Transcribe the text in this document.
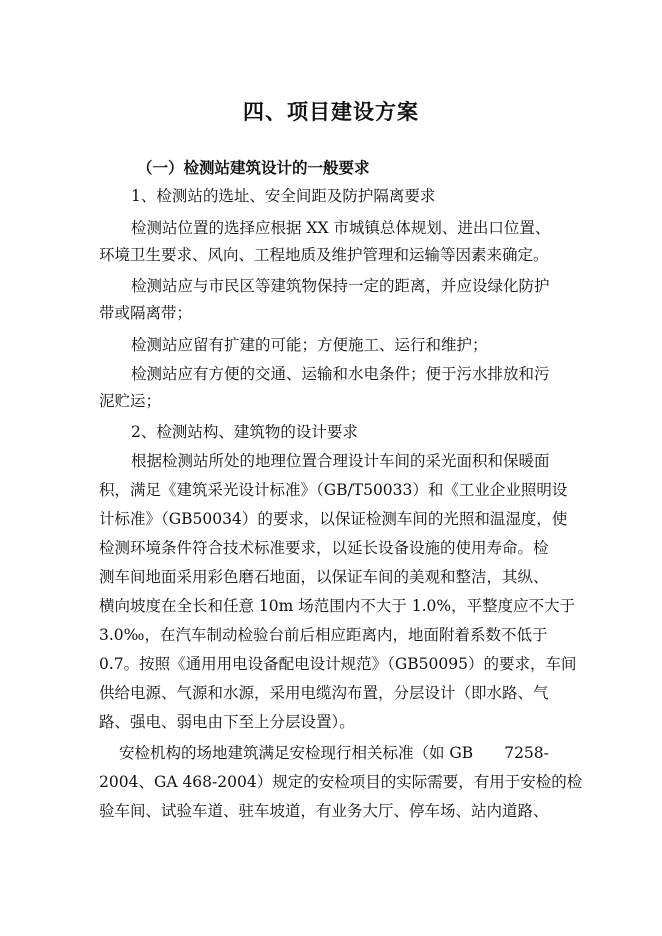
四、项目建设方案
（一）检测站建筑设计的一般要求
1、检测站的选址、安全间距及防护隔离要求
检测站位置的选择应根据 XX 市城镇总体规划、进出口位置、
环境卫生要求、风向、工程地质及维护管理和运输等因素来确定。
检测站应与市民区等建筑物保持一定的距离，并应设绿化防护
带或隔离带；
检测站应留有扩建的可能；方便施工、运行和维护；
检测站应有方便的交通、运输和水电条件；便于污水排放和污
泥贮运；
2、检测站构、建筑物的设计要求
根据检测站所处的地理位置合理设计车间的采光面积和保暖面
积，满足《建筑采光设计标准》（GB/T50033）和《工业企业照明设
计标准》（GB50034）的要求，以保证检测车间的光照和温湿度，使
检测环境条件符合技术标准要求，以延长设备设施的使用寿命。检
测车间地面采用彩色磨石地面，以保证车间的美观和整洁，其纵、
横向坡度在全长和任意 10m 场范围内不大于 1.0%，平整度应不大于
3.0‰，在汽车制动检验台前后相应距离内，地面附着系数不低于
0.7。按照《通用用电设备配电设计规范》（GB50095）的要求，车间
供给电源、气源和水源，采用电缆沟布置，分层设计（即水路、气
路、强电、弱电由下至上分层设置）。
安检机构的场地建筑满足安检现行相关标准（如 GB　　7258-
2004、GA 468-2004）规定的安检项目的实际需要，有用于安检的检
验车间、试验车道、驻车坡道，有业务大厅、停车场、站内道路、
